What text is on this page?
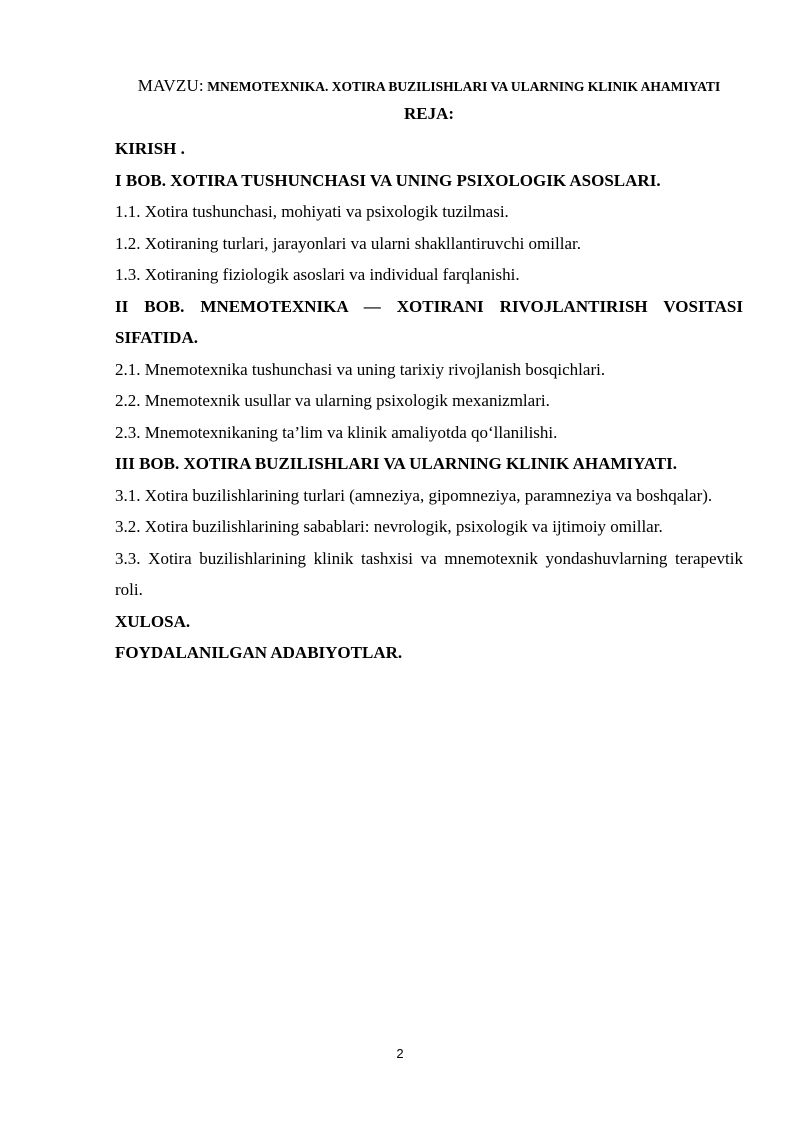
MAVZU: MNEMOTEXNIKA. XOTIRA BUZILISHLARI VA ULARNING KLINIK AHAMIYATI

REJA:

KIRISH .
I BOB. XOTIRA TUSHUNCHASI VA UNING PSIXOLOGIK ASOSLARI.
1.1. Xotira tushunchasi, mohiyati va psixologik tuzilmasi.
1.2. Xotiraning turlari, jarayonlari va ularni shakllantiruvchi omillar.
1.3. Xotiraning fiziologik asoslari va individual farqlanishi.
II BOB. MNEMOTEXNIKA — XOTIRANI RIVOJLANTIRISH VOSITASI SIFATIDA.
2.1. Mnemotexnika tushunchasi va uning tarixiy rivojlanish bosqichlari.
2.2. Mnemotexnik usullar va ularning psixologik mexanizmlari.
2.3. Mnemotexnikaning ta’lim va klinik amaliyotda qo‘llanilishi.
III BOB. XOTIRA BUZILISHLARI VA ULARNING KLINIK AHAMIYATI.
3.1. Xotira buzilishlarining turlari (amneziya, gipomneziya, paramneziya va boshqalar).
3.2. Xotira buzilishlarining sabablari: nevrologik, psixologik va ijtimoiy omillar.
3.3. Xotira buzilishlarining klinik tashxisi va mnemotexnik yondashuvlarning terapevtik roli.
XULOSA.
FOYDALANILGAN ADABIYOTLAR.
2
